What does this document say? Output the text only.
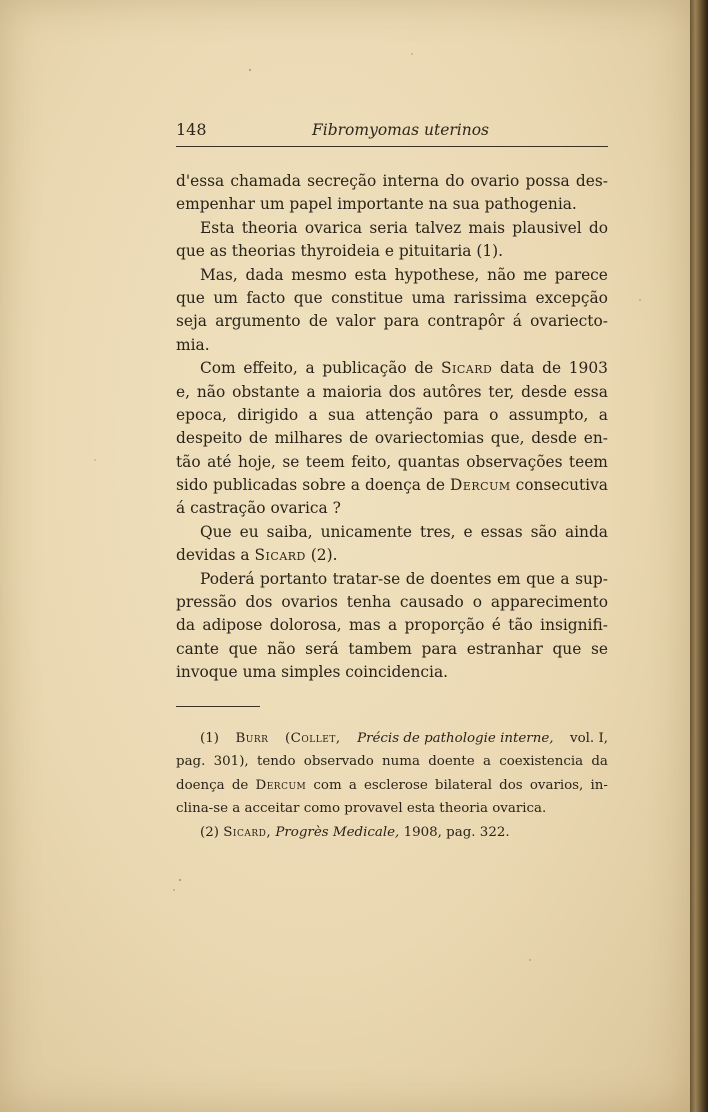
148	Fibromyomas uterinos
d'essa chamada secreção interna do ovario possa des-
empenhar
um
papel
importante
na
sua
pathogenia.
Esta theoria ovarica seria talvez mais plausivel do
que
as
theorias
thyroideia
e
pituitaria
(1).
Mas, dada mesmo esta hypothese, não me parece
que um facto que constitue uma rarissima excepção
seja argumento de valor para contrapôr á ovariecto-
mia.
Com effeito, a publicação de Sicard data de 1903
e, não obstante a maioria dos autôres ter, desde essa
epoca, dirigido a sua attenção para o assumpto, a
despeito de milhares de ovariectomias que, desde en-
tão até hoje, se teem feito, quantas observações teem
sido publicadas sobre a doença de Dercum consecutiva
á
castração
ovarica ?
Que eu saiba, unicamente tres, e essas são ainda
devidas
a
Sicard
(2).
Poderá portanto tratar-se de doentes em que a sup-
pressão dos ovarios tenha causado o apparecimento
da adipose dolorosa, mas a proporção é tão insignifi-
cante que não será tambem para estranhar que se
invoque
uma
simples
coincidencia.
(1) Burr (Collet, Précis de pathologie interne, vol. I,
pag. 301), tendo observado numa doente a coexistencia da
doença de Dercum com a esclerose bilateral dos ovarios, in-
clina-se a acceitar como provavel esta theoria ovarica.
(2)
Sicard,
Progrès Medicale,
1908, pag. 322.
